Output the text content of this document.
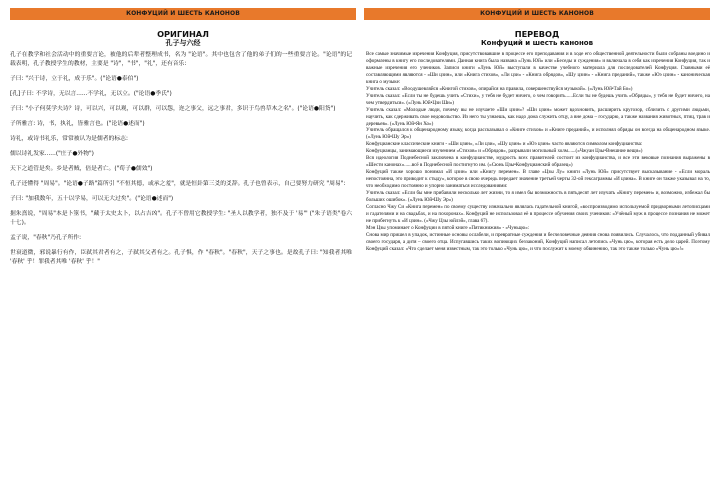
КОНФУЦИЙ И ШЕСТЬ КАНОНОВ
ОРИГИНАЛ
孔子与六经

孔子在教学和社会活动中的重要言论，被他的后辈者整理成书，名为 "论语"。其中也包含了他的弟子们的一些重要言论。"论语"的记载表明，孔子教授学生的教材，主要是 "诗"，"书"，"礼"，还有音乐:

子曰: "兴于诗，立于礼，成于乐"。("论语●泰伯")

[孔]子曰: 不学诗，无以言......不学礼，无以立。("论语●季氏")

子曰: "小子何莫学夫诗？诗，可以兴，可以观，可以群，可以怨，迩之事父，远之事君，多识于鸟兽草木之名"。("论语●阳货")

子所雅言: 诗，书，执礼，皆雅言也。("论语●述而")

诗礼，或诗书礼乐，常常被认为是儒者的标志:

儒以诗礼发家......("庄子●外物")

天下之道管是矣。乡是者贼，倍是者亡。("荀子●儒效")

孔子还懂得 "周易"。"论语●子路"篇所引 "不恒其德，或承之羞"，就是恒卦第三爻的爻辞。孔子也曾表示，自己要努力研究 "周易":

子曰: "加我数年，五十以学易，可以无大过矣"。("论语●述而")

据朱熹说，"周易"本是卜筮书，"藏于太史太卜，以占吉凶"。孔子不曾用它教授学生: "圣人以教学者，独不及于 '易'" ("朱子语类"卷六十七)。

孟子说，"春秋"乃孔子所作:

世衰道微，邪说暴行有作，臣弑其君者有之，子弑其父者有之。孔子惧，作 "春秋"。"春秋"，天子之事也。是故孔子曰: "知我者其唯 '春秋' 乎！罪我者其唯 '春秋' 乎！"

КОНФУЦИЙ И ШЕСТЬ КАНОНОВ
ПЕРЕВОД
Конфуций и шесть канонов

Все самые значимые изречения Конфуция, присутствовавшие в процессе его преподавания и в ходе его общественной деятельности были собраны воедино и оформлены в книгу его последователями. Данная книга была названа «Лунь Юй» или «Беседы и суждения» и включала в себя как изречения Конфуция, так и важные изречения его учеников. Записи книги «Лунь Юй» выступали в качестве учебного материала для последователей Конфуция. Главными её составляющими являются - «Ши цзин», или «Книга стихов», «Ли цзи» - «Книга обрядов», «Шу цзин» - «Книга преданий», также «Юэ цзин» - каноническая книга о музыке:

Учитель сказал: «Воодушевляйся «Книгой стихов», опирайся на правила, совершенствуйся музыкой». («Лунь Юй•Тай Бо»)

Учитель сказал: «Если ты не будешь учить «Стихи», у тебя не будет ничего, о чем говорить......Если ты не будешь учить «Обряды», у тебя не будет ничего, на чем утвердиться». («Лунь Юй•Цзи Ши»)

Учитель сказал: «Молодые люди, почему вы не изучаете «Ши цзин»? «Ши цзин» может вдохновить, расширить кругозор, сблизить с другими людьми, научить, как сдерживать свое недовольство. Из него ты узнаешь, как надо дома служить отцу, а вне дома – государю, а также названия животных, птиц, трав и деревьев». («Лунь Юй•Ян Хо»)

Учитель обращался к общенародному языку, когда рассказывал о «Книге стихов» и «Книге преданий», и исполнял обряды он всегда на общенародном языке. («Лунь Юй•Шу Эр»)

Конфуцианские классические книги - «Ши цзин», «Ли цзи», «Шу цзин» и «Юэ цзин» часто являются символом конфуцианства:

Конфуцианцы, занимающиеся изучением «Стихов» и «Обрядов», разрывали могильный холм......(«Чжуан Цзы•Внешние вещи»)

Вся идеология Поднебесной заключена в конфуцианстве, мудрость всех правителей состоит из конфуцианства, и все эти вековые познания выражены в «Шести канонах»......всё в Поднебесной постигнуто им. («Сюнь Цзы•Конфуцианский образец»)

Конфуций также хорошо понимал «И цзин» или «Книгу перемен». В главе «Цзы Лу» книги «Лунь Юй» присутствует высказывание - «Если мораль непостоянна, это приводит к стыду», которое в свою очередь передает значение третьей черты 32-ой гексаграммы «И цзина». В книге он также указывал на то, что необходимо постоянно и упорно заниматься исследованиями:

Учитель сказал: «Если бы мне прибавили несколько лет жизни, то я имел бы возможность в пятьдесят лет изучать «Книгу перемен» и, возможно, избежал бы больших ошибок». («Лунь Юй•Шу Эр»)

Согласно Чжу Си «Книга перемен» по своему существу изначально являлась гадательной книгой, «воспроизводимо используемой придворными летописцами и гадателями и на свадьбах, и на похоронах». Конфуций не использовал её в процессе обучения своих учеников: «Учёный муж в процессе познания не может не прибегнуть к «И цзин». («Чжу Цзы юйлэй», глава 67).

Мэн Цзы упоминает о Конфуции в пятой книге «Пятикнижия» - «Чуньцю»:

Снова мир пришел в упадок, истинные основы ослабели, и превратные суждения и бесчеловечные деяния снова появились. Случалось, что подданный убивал своего государя, а дитя – своего отца. Испугавшись таких вопиющих беззаконий, Конфуций написал летопись «Чунь цю», которая есть дело царей. Поэтому Конфуций сказал: «Что сделает меня известным, так это только «Чунь цю», и что послужит к моему обвинению, так это также только «Чунь цю»!»
